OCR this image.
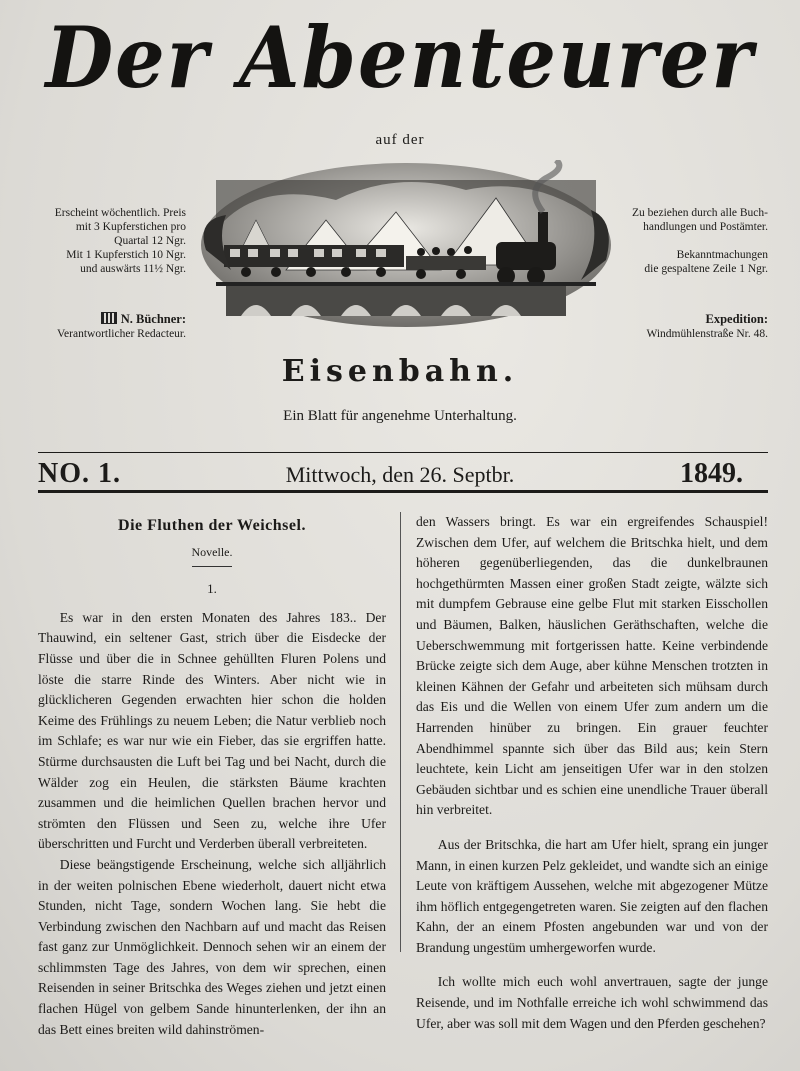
Der Abenteurer
auf der
Erscheint wöchentlich. Preis
mit 3 Kupferstichen pro
Quartal 12 Ngr.
Mit 1 Kupferstich 10 Ngr.
und auswärts 11½ Ngr.
N. Büchner:
Verantwortlicher Redacteur.
Zu beziehen durch alle Buch-
handlungen und Postämter.
Bekanntmachungen
die gespaltene Zeile 1 Ngr.
Expedition:
Windmühlenstraße Nr. 48.
Eisenbahn.
Ein Blatt für angenehme Unterhaltung.
NO. 1.	Mittwoch, den 26. Septbr.	1849.
Die Fluthen der Weichsel.
Novelle.
1.

Es war in den ersten Monaten des Jahres 183.. Der Thauwind, ein seltener Gast, strich über die Eisdecke der Flüsse und über die in Schnee gehüllten Fluren Polens und löste die starre Rinde des Winters. Aber nicht wie in glücklicheren Gegenden erwachten hier schon die holden Keime des Frühlings zu neuem Leben; die Natur verblieb noch im Schlafe; es war nur wie ein Fieber, das sie ergriffen hatte. Stürme durchsausten die Luft bei Tag und bei Nacht, durch die Wälder zog ein Heulen, die stärksten Bäume krachten zusammen und die heimlichen Quellen brachen hervor und strömten den Flüssen und Seen zu, welche ihre Ufer überschritten und Furcht und Verderben überall verbreiteten.

Diese beängstigende Erscheinung, welche sich alljährlich in der weiten polnischen Ebene wiederholt, dauert nicht etwa Stunden, nicht Tage, sondern Wochen lang. Sie hebt die Verbindung zwischen den Nachbarn auf und macht das Reisen fast ganz zur Unmöglichkeit. Dennoch sehen wir an einem der schlimmsten Tage des Jahres, von dem wir sprechen, einen Reisenden in seiner Britschka des Weges ziehen und jetzt einen flachen Hügel von gelbem Sande hinunterlenken, der ihn an das Bett eines breiten wild dahinströmen-

den Wassers bringt. Es war ein ergreifendes Schauspiel! Zwischen dem Ufer, auf welchem die Britschka hielt, und dem höheren gegenüberliegenden, das die dunkelbraunen hochgethürmten Massen einer großen Stadt zeigte, wälzte sich mit dumpfem Gebrause eine gelbe Flut mit starken Eisschollen und Bäumen, Balken, häuslichen Geräthschaften, welche die Ueberschwemmung mit fortgerissen hatte. Keine verbindende Brücke zeigte sich dem Auge, aber kühne Menschen trotzten in kleinen Kähnen der Gefahr und arbeiteten sich mühsam durch das Eis und die Wellen von einem Ufer zum andern um die Harrenden hinüber zu bringen. Ein grauer feuchter Abendhimmel spannte sich über das Bild aus; kein Stern leuchtete, kein Licht am jenseitigen Ufer war in den stolzen Gebäuden sichtbar und es schien eine unendliche Trauer überall hin verbreitet.

Aus der Britschka, die hart am Ufer hielt, sprang ein junger Mann, in einen kurzen Pelz gekleidet, und wandte sich an einige Leute von kräftigem Aussehen, welche mit abgezogener Mütze ihm höflich entgegengetreten waren. Sie zeigten auf den flachen Kahn, der an einem Pfosten angebunden war und von der Brandung ungestüm umhergeworfen wurde.

Ich wollte mich euch wohl anvertrauen, sagte der junge Reisende, und im Nothfalle erreiche ich wohl schwimmend das Ufer, aber was soll mit dem Wagen und den Pferden geschehen?
